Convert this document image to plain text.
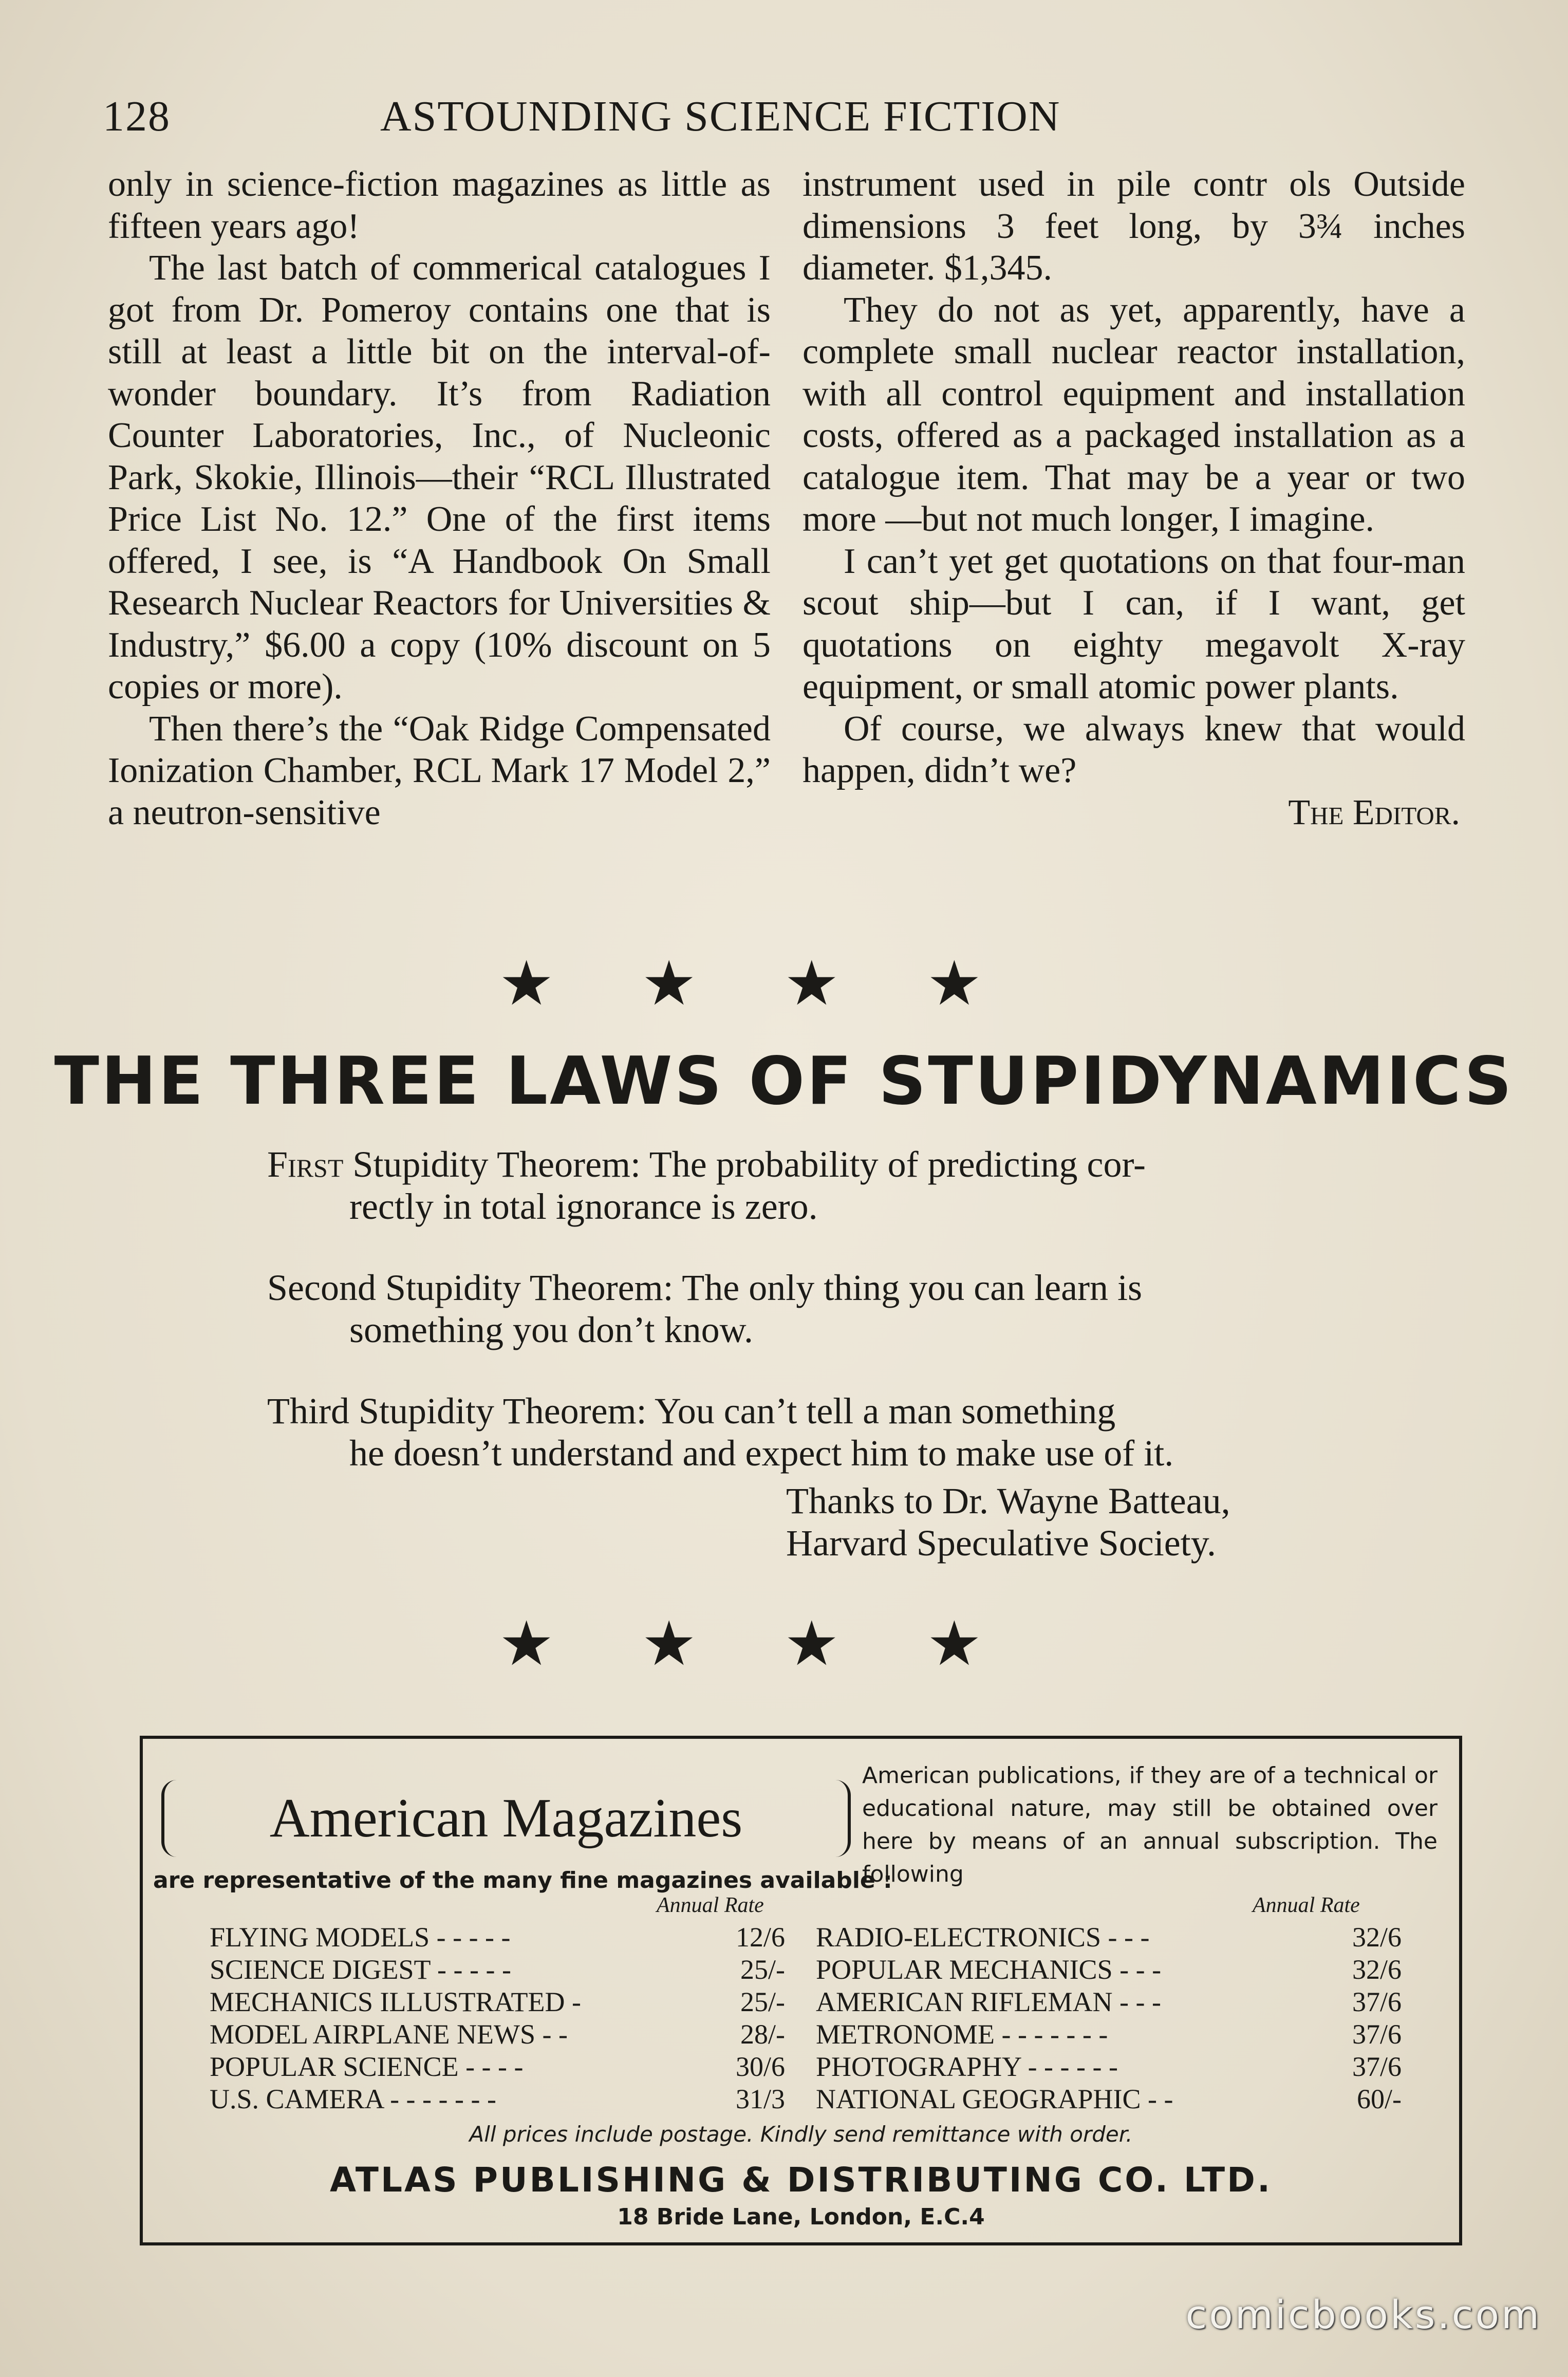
128	ASTOUNDING SCIENCE FICTION

only in science-fiction magazines as little as fifteen years ago!

The last batch of commerical catalogues I got from Dr. Pomeroy contains one that is still at least a little bit on the interval-of-wonder boundary. It’s from Radiation Counter Laboratories, Inc., of Nucleonic Park, Skokie, Illinois—their “RCL Illustrated Price List No. 12.” One of the first items offered, I see, is “A Handbook On Small Research Nuclear Reactors for Universities & Industry,” $6.00 a copy (10% discount on 5 copies or more).

Then there’s the “Oak Ridge Compensated Ionization Chamber, RCL Mark 17 Model 2,” a neutron-sensitive

instrument used in pile contr ols Outside dimensions 3 feet long, by 3¾ inches diameter. $1,345.

They do not as yet, apparently, have a complete small nuclear reactor installation, with all control equipment and installation costs, offered as a packaged installation as a catalogue item. That may be a year or two more —but not much longer, I imagine.

I can’t yet get quotations on that four-man scout ship—but I can, if I want, get quotations on eighty megavolt X-ray equipment, or small atomic power plants.

Of course, we always knew that would happen, didn’t we?

The Editor.

★★★★
THE THREE LAWS OF STUPIDYNAMICS
First Stupidity Theorem: The probability of predicting cor-
rectly in total ignorance is zero.
Second Stupidity Theorem: The only thing you can learn is
something you don’t know.
Third Stupidity Theorem: You can’t tell a man something
he doesn’t understand and expect him to make use of it.
Thanks to Dr. Wayne Batteau,
Harvard Speculative Society.
★★★★
American Magazines
American publications, if they are of a technical or educational nature, may still be obtained over here by means of an annual subscription. The following
are representative of the many fine magazines available :
Annual Rate	Annual Rate
FLYING MODELS - - - - -	12/6
SCIENCE DIGEST - - - - -	25/-
MECHANICS ILLUSTRATED -	25/-
MODEL AIRPLANE NEWS - -	28/-
POPULAR SCIENCE - - - -	30/6
U.S. CAMERA - - - - - - -	31/3
RADIO-ELECTRONICS - - -	32/6
POPULAR MECHANICS - - -	32/6
AMERICAN RIFLEMAN - - -	37/6
METRONOME - - - - - - -	37/6
PHOTOGRAPHY - - - - - -	37/6
NATIONAL GEOGRAPHIC - -	60/-
All prices include postage. Kindly send remittance with order.
ATLAS PUBLISHING & DISTRIBUTING CO. LTD.
18 Bride Lane, London, E.C.4
comicbooks.com
